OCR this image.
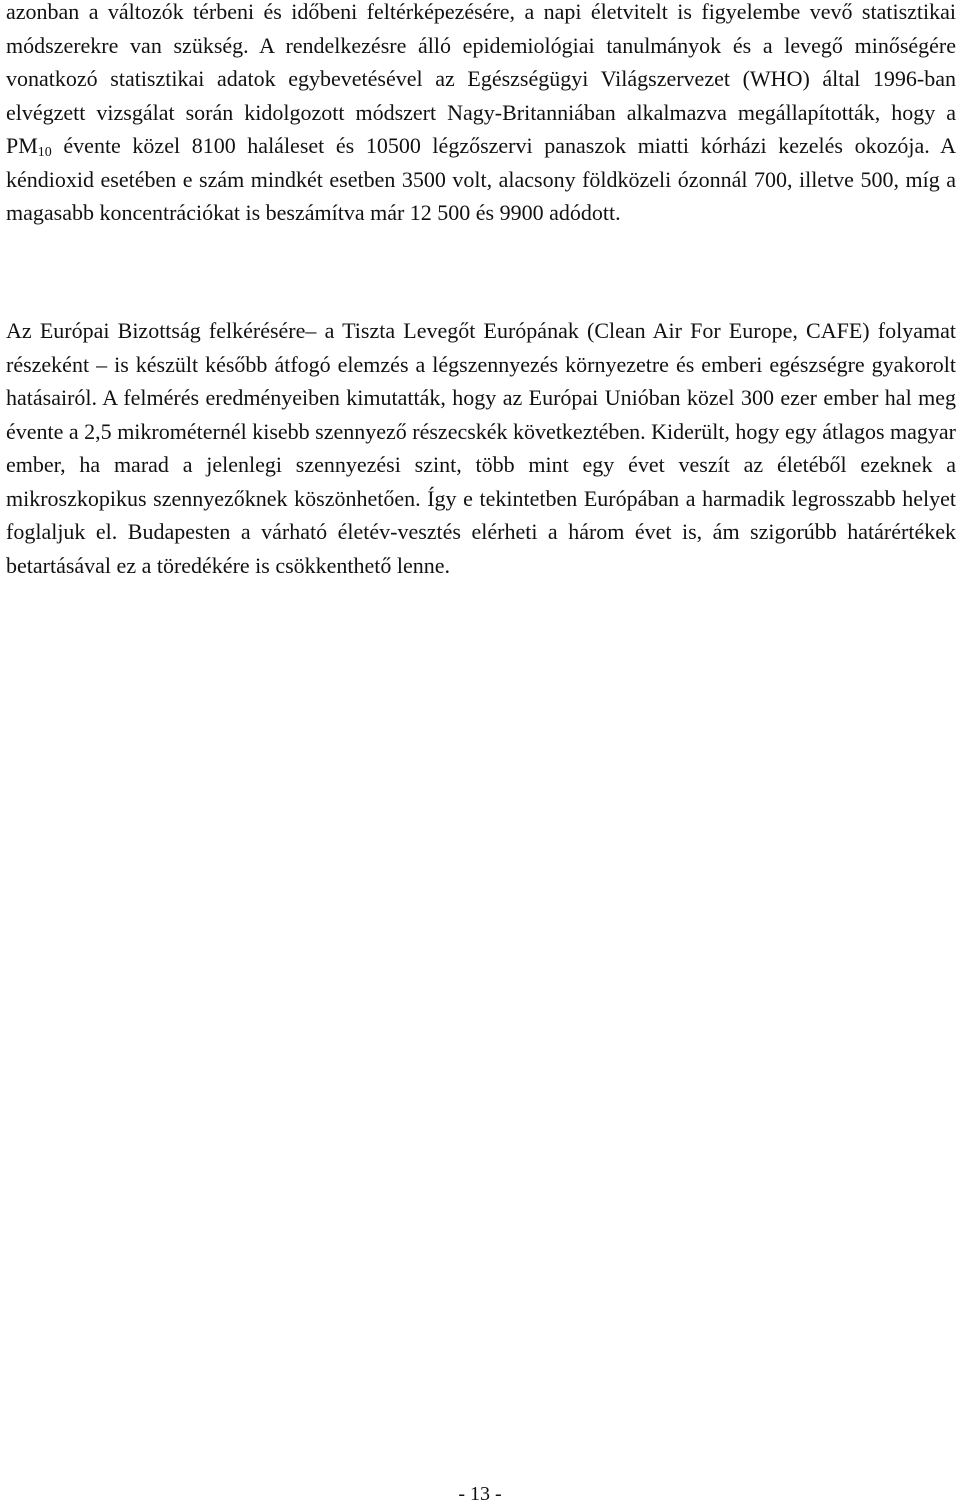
azonban a változók térbeni és időbeni feltérképezésére, a napi életvitelt is figyelembe vevő statisztikai módszerekre van szükség. A rendelkezésre álló epidemiológiai tanulmányok és a levegő minőségére vonatkozó statisztikai adatok egybevetésével az Egészségügyi Világszervezet (WHO) által 1996-ban elvégzett vizsgálat során kidolgozott módszert Nagy-Britanniában alkalmazva megállapították, hogy a $PM_{10}$ évente közel 8100 haláleset és 10500 légzőszervi panaszok miatti kórházi kezelés okozója. A kéndioxid esetében e szám mindkét esetben 3500 volt, alacsony földközeli ózonnál 700, illetve 500, míg a magasabb koncentrációkat is beszámítva már 12 500 és 9900 adódott.

Az Európai Bizottság felkérésére– a Tiszta Levegőt Európának (Clean Air For Europe, CAFE) folyamat részeként – is készült később átfogó elemzés a légszennyezés környezetre és emberi egészségre gyakorolt hatásairól. A felmérés eredményeiben kimutatták, hogy az Európai Unióban közel 300 ezer ember hal meg évente a 2,5 mikrométernél kisebb szennyező részecskék következtében. Kiderült, hogy egy átlagos magyar ember, ha marad a jelenlegi szennyezési szint, több mint egy évet veszít az életéből ezeknek a mikroszkopikus szennyezőknek köszönhetően. Így e tekintetben Európában a harmadik legrosszabb helyet foglaljuk el. Budapesten a várható életév-vesztés elérheti a három évet is, ám szigorúbb határértékek betartásával ez a töredékére is csökkenthető lenne.

- 13 -
